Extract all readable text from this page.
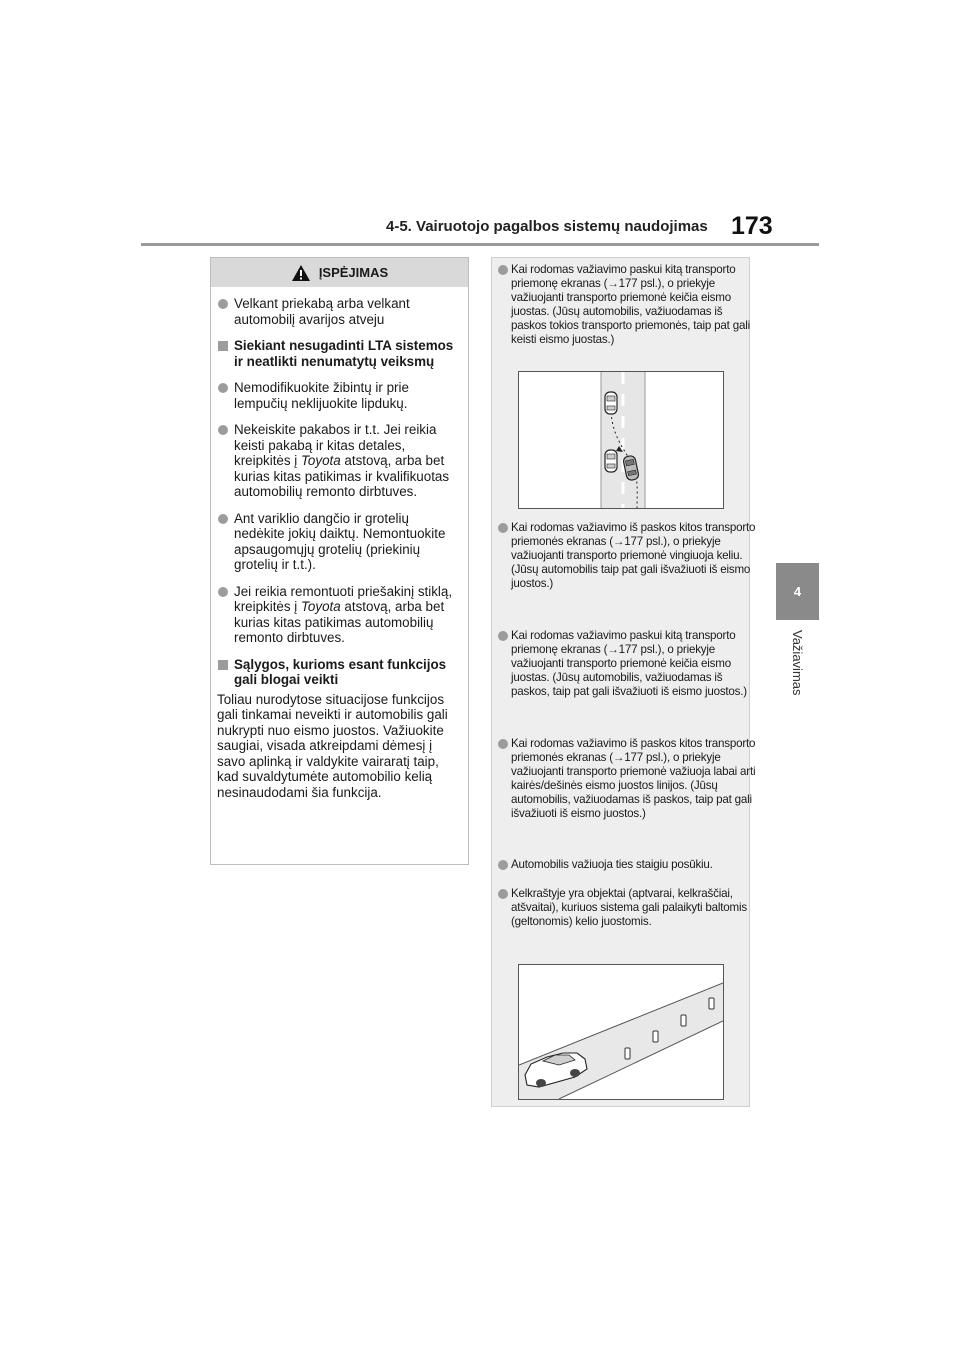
4-5. Vairuotojo pagalbos sistemų naudojimas 173
4
Važiavimas
ĮSPĖJIMAS
Velkant priekabą arba velkant automobilį avarijos atveju
Siekiant nesugadinti LTA sistemos ir neatlikti nenumatytų veiksmų
Nemodifikuokite žibintų ir prie lempučių neklijuokite lipdukų.
Nekeiskite pakabos ir t.t. Jei reikia keisti pakabą ir kitas detales, kreipkitės į Toyota atstovą, arba bet kurias kitas patikimas ir kvalifikuotas automobilių remonto dirbtuves.
Ant variklio dangčio ir grotelių nedėkite jokių daiktų. Nemontuokite apsaugomųjų grotelių (priekinių grotelių ir t.t.).
Jei reikia remontuoti priešakinį stiklą, kreipkitės į Toyota atstovą, arba bet kurias kitas patikimas automobilių remonto dirbtuves.
Sąlygos, kurioms esant funkcijos gali blogai veikti
Toliau nurodytose situacijose funkcijos gali tinkamai neveikti ir automobilis gali nukrypti nuo eismo juostos. Važiuokite saugiai, visada atkreipdami dėmesį į savo aplinką ir valdykite vairaratį taip, kad suvaldytumėte automobilio kelią nesinaudodami šia funkcija.
Kai rodomas važiavimo paskui kitą transporto priemonę ekranas (→177 psl.), o priekyje važiuojanti transporto priemonė keičia eismo juostas. (Jūsų automobilis, važiuodamas iš paskos tokios transporto priemonės, taip pat gali keisti eismo juostas.)
Kai rodomas važiavimo iš paskos kitos transporto priemonės ekranas (→177 psl.), o priekyje važiuojanti transporto priemonė vingiuoja keliu. (Jūsų automobilis taip pat gali išvažiuoti iš eismo juostos.)
Kai rodomas važiavimo paskui kitą transporto priemonę ekranas (→177 psl.), o priekyje važiuojanti transporto priemonė keičia eismo juostas. (Jūsų automobilis, važiuodamas iš paskos, taip pat gali išvažiuoti iš eismo juostos.)
Kai rodomas važiavimo iš paskos kitos transporto priemonės ekranas (→177 psl.), o priekyje važiuojanti transporto priemonė važiuoja labai arti kairės/dešinės eismo juostos linijos. (Jūsų automobilis, važiuodamas iš paskos, taip pat gali išvažiuoti iš eismo juostos.)
Automobilis važiuoja ties staigiu posūkiu.
Kelkraštyje yra objektai (aptvarai, kelkraščiai, atšvaitai), kuriuos sistema gali palaikyti baltomis (geltonomis) kelio juostomis.
